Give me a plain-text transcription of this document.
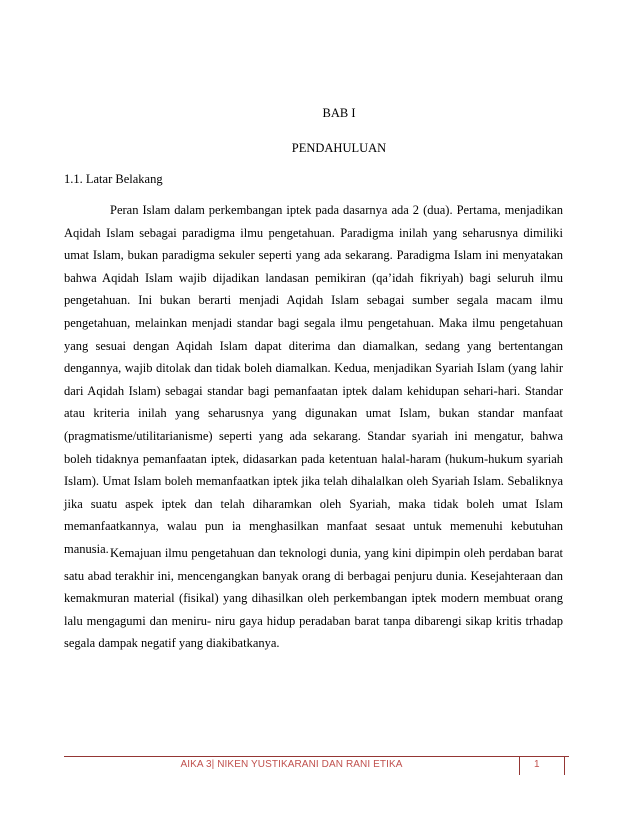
BAB I
PENDAHULUAN
1.1. Latar Belakang

Peran Islam dalam perkembangan iptek pada dasarnya ada 2 (dua). Pertama, menjadikan Aqidah Islam sebagai paradigma ilmu pengetahuan. Paradigma inilah yang seharusnya dimiliki umat Islam, bukan paradigma sekuler seperti yang ada sekarang. Paradigma Islam ini menyatakan bahwa Aqidah Islam wajib dijadikan landasan pemikiran (qa’idah fikriyah) bagi seluruh ilmu pengetahuan. Ini bukan berarti menjadi Aqidah Islam sebagai sumber segala macam ilmu pengetahuan, melainkan menjadi standar bagi segala ilmu pengetahuan. Maka ilmu pengetahuan yang sesuai dengan Aqidah Islam dapat diterima dan diamalkan, sedang yang bertentangan dengannya, wajib ditolak dan tidak boleh diamalkan. Kedua, menjadikan Syariah Islam (yang lahir dari Aqidah Islam) sebagai standar bagi pemanfaatan iptek dalam kehidupan sehari-hari. Standar atau kriteria inilah yang seharusnya yang digunakan umat Islam, bukan standar manfaat (pragmatisme/utilitarianisme) seperti yang ada sekarang. Standar syariah ini mengatur, bahwa boleh tidaknya pemanfaatan iptek, didasarkan pada ketentuan halal-haram (hukum-hukum syariah Islam). Umat Islam boleh memanfaatkan iptek jika telah dihalalkan oleh Syariah Islam. Sebaliknya jika suatu aspek iptek dan telah diharamkan oleh Syariah, maka tidak boleh umat Islam memanfaatkannya, walau pun ia menghasilkan manfaat sesaat untuk memenuhi kebutuhan manusia. Kemajuan ilmu pengetahuan dan teknologi dunia, yang kini dipimpin oleh perdaban barat satu abad terakhir ini, mencengangkan banyak orang di berbagai penjuru dunia. Kesejahteraan dan kemakmuran material (fisikal) yang dihasilkan oleh perkembangan iptek modern membuat orang lalu mengagumi dan meniru- niru gaya hidup peradaban barat tanpa dibarengi sikap kritis trhadap segala dampak negatif yang diakibatkanya.

AIKA 3| NIKEN YUSTIKARANI DAN RANI ETIKA	1
